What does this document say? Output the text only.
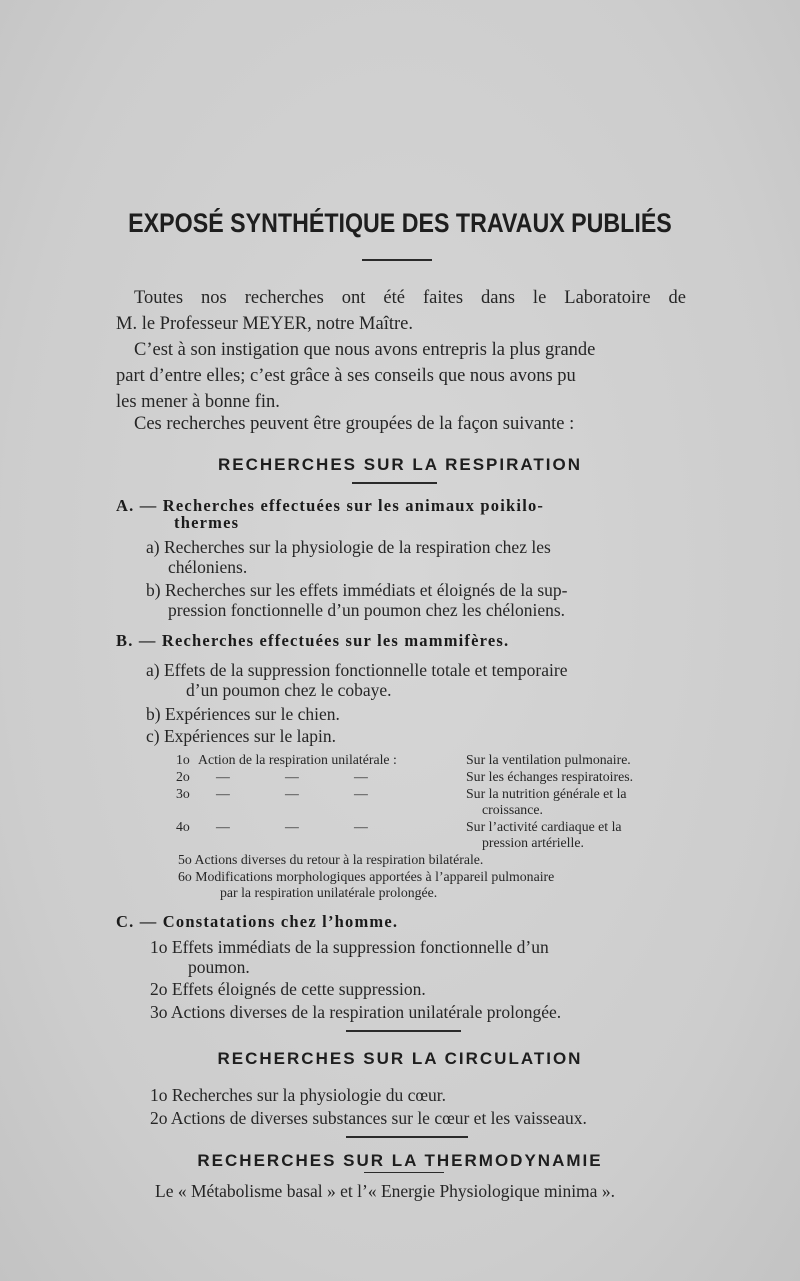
EXPOSÉ SYNTHÉTIQUE DES TRAVAUX PUBLIÉS
Toutes nos recherches ont été faites dans le Laboratoire de
M. le Professeur MEYER, notre Maître.
C’est à son instigation que nous avons entrepris la plus grande
part d’entre elles; c’est grâce à ses conseils que nous avons pu
les mener à bonne fin.
Ces recherches peuvent être groupées de la façon suivante :
RECHERCHES SUR LA RESPIRATION
A. — Recherches effectuées sur les animaux poikilo-
thermes
a) Recherches sur la physiologie de la respiration chez les
chéloniens.
b) Recherches sur les effets immédiats et éloignés de la sup-
pression fonctionnelle d’un poumon chez les chéloniens.
B. — Recherches effectuées sur les mammifères.
a) Effets de la suppression fonctionnelle totale et temporaire
d’un poumon chez le cobaye.
b) Expériences sur le chien.
c) Expériences sur le lapin.
1o Action de la respiration unilatérale :	Sur la ventilation pulmonaire.
2o —                —                —	Sur les échanges respiratoires.
3o —                —                —	Sur la nutrition générale et la
croissance.
4o —                —                —	Sur l’activité cardiaque et la
pression artérielle.
5o Actions diverses du retour à la respiration bilatérale.
6o Modifications morphologiques apportées à l’appareil pulmonaire
par la respiration unilatérale prolongée.
C. — Constatations chez l’homme.
1o Effets immédiats de la suppression fonctionnelle d’un
poumon.
2o Effets éloignés de cette suppression.
3o Actions diverses de la respiration unilatérale prolongée.
RECHERCHES SUR LA CIRCULATION
1o Recherches sur la physiologie du cœur.
2o Actions de diverses substances sur le cœur et les vaisseaux.
RECHERCHES SUR LA THERMODYNAMIE
Le « Métabolisme basal » et l’« Energie Physiologique minima ».
